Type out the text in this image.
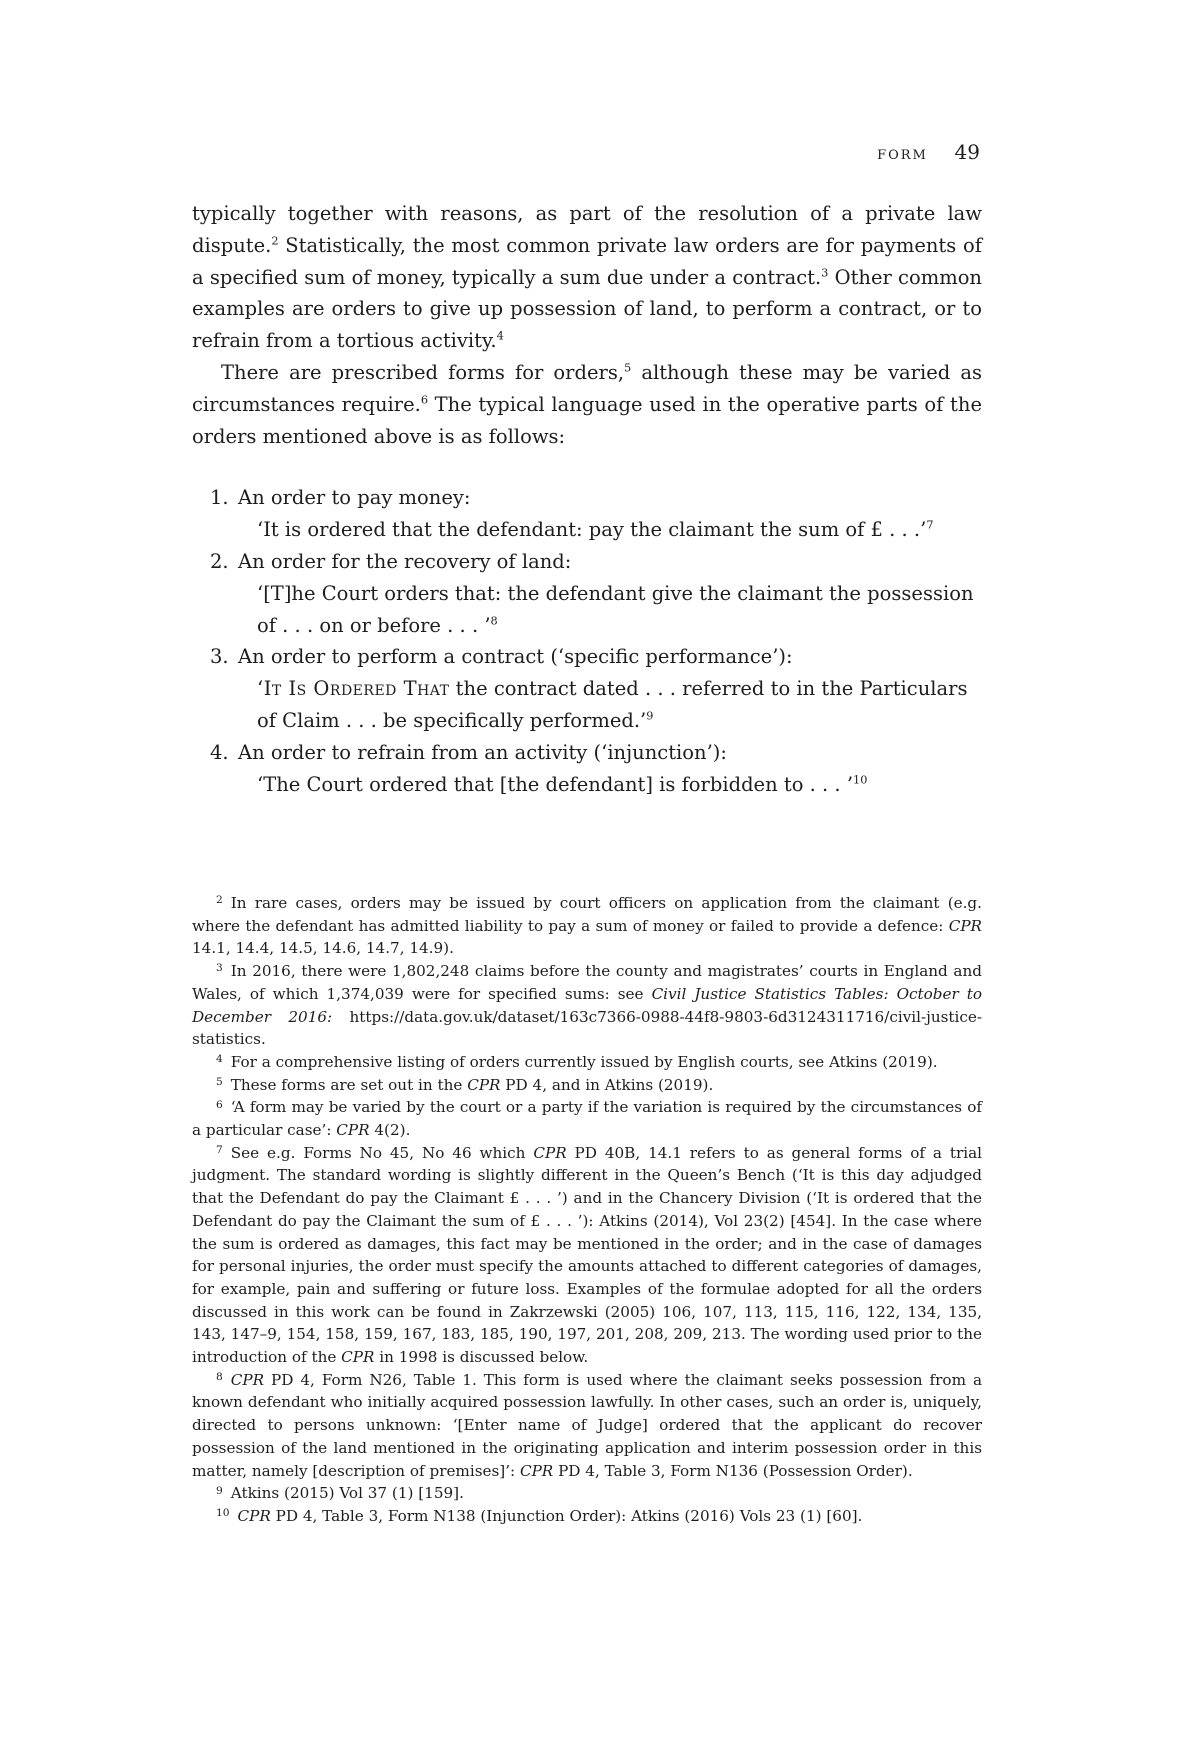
form 49

typically together with reasons, as part of the resolution of a private law dispute.$^2$ Statistically, the most common private law orders are for payments of a specified sum of money, typically a sum due under a contract.$^3$ Other common examples are orders to give up possession of land, to perform a contract, or to refrain from a tortious activity.$^4$

There are prescribed forms for orders,$^5$ although these may be varied as circumstances require.$^6$ The typical language used in the operative parts of the orders mentioned above is as follows:

1. An order to pay money:
‘It is ordered that the defendant: pay the claimant the sum of £ . . .’$^7$
2. An order for the recovery of land:
‘[T]he Court orders that: the defendant give the claimant the possession of . . . on or before . . . ’$^8$
3. An order to perform a contract (‘specific performance’):
‘It Is Ordered That the contract dated . . . referred to in the Particulars of Claim . . . be specifically performed.’$^9$
4. An order to refrain from an activity (‘injunction’):
‘The Court ordered that [the defendant] is forbidden to . . . ’$^{10}$

$^2$ In rare cases, orders may be issued by court officers on application from the claimant (e.g. where the defendant has admitted liability to pay a sum of money or failed to provide a defence: CPR 14.1, 14.4, 14.5, 14.6, 14.7, 14.9).

$^3$ In 2016, there were 1,802,248 claims before the county and magistrates’ courts in England and Wales, of which 1,374,039 were for specified sums: see Civil Justice Statistics Tables: October to December 2016: https://data.gov.uk/dataset/163c7366-0988-44f8-9803-6d3124311716/civil-justice-statistics.

$^4$ For a comprehensive listing of orders currently issued by English courts, see Atkins (2019).

$^5$ These forms are set out in the CPR PD 4, and in Atkins (2019).

$^6$ ‘A form may be varied by the court or a party if the variation is required by the circumstances of a particular case’: CPR 4(2).

$^7$ See e.g. Forms No 45, No 46 which CPR PD 40B, 14.1 refers to as general forms of a trial judgment. The standard wording is slightly different in the Queen’s Bench (‘It is this day adjudged that the Defendant do pay the Claimant £ . . . ’) and in the Chancery Division (‘It is ordered that the Defendant do pay the Claimant the sum of £ . . . ’): Atkins (2014), Vol 23(2) [454]. In the case where the sum is ordered as damages, this fact may be mentioned in the order; and in the case of damages for personal injuries, the order must specify the amounts attached to different categories of damages, for example, pain and suffering or future loss. Examples of the formulae adopted for all the orders discussed in this work can be found in Zakrzewski (2005) 106, 107, 113, 115, 116, 122, 134, 135, 143, 147–9, 154, 158, 159, 167, 183, 185, 190, 197, 201, 208, 209, 213. The wording used prior to the introduction of the CPR in 1998 is discussed below.

$^8$ CPR PD 4, Form N26, Table 1. This form is used where the claimant seeks possession from a known defendant who initially acquired possession lawfully. In other cases, such an order is, uniquely, directed to persons unknown: ‘[Enter name of Judge] ordered that the applicant do recover possession of the land mentioned in the originating application and interim possession order in this matter, namely [description of premises]’: CPR PD 4, Table 3, Form N136 (Possession Order).

$^9$ Atkins (2015) Vol 37 (1) [159].

$^{10}$ CPR PD 4, Table 3, Form N138 (Injunction Order): Atkins (2016) Vols 23 (1) [60].
